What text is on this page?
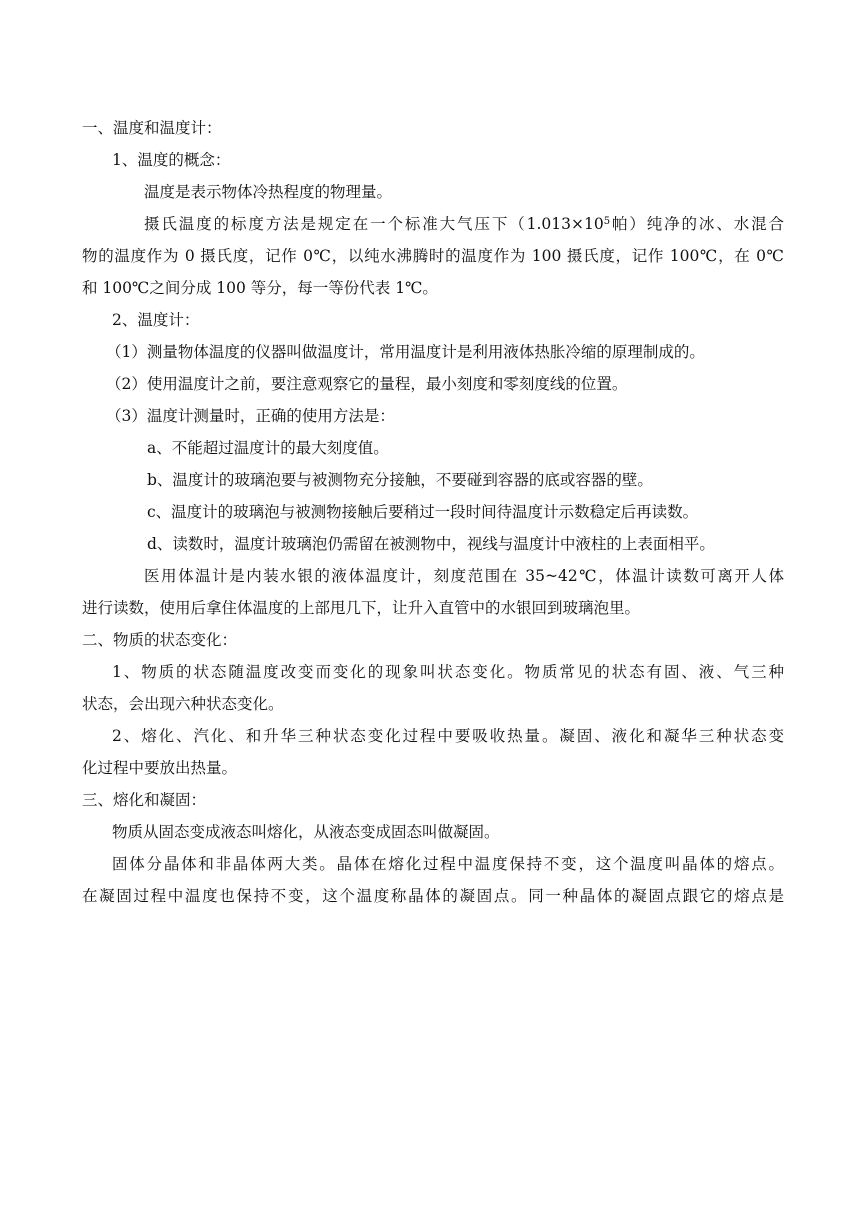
一、温度和温度计：
1、温度的概念：
温度是表示物体冷热程度的物理量。
摄氏温度的标度方法是规定在一个标准大气压下（$1.013\times 10^5$帕）纯净的冰、水混合
物的温度作为 0 摄氏度，记作 0℃，以纯水沸腾时的温度作为 100 摄氏度，记作 100℃，在 0℃
和 100℃之间分成 100 等分，每一等份代表 1℃。
2、温度计：
（1）测量物体温度的仪器叫做温度计，常用温度计是利用液体热胀冷缩的原理制成的。
（2）使用温度计之前，要注意观察它的量程，最小刻度和零刻度线的位置。
（3）温度计测量时，正确的使用方法是：
a、不能超过温度计的最大刻度值。
b、温度计的玻璃泡要与被测物充分接触，不要碰到容器的底或容器的壁。
c、温度计的玻璃泡与被测物接触后要稍过一段时间待温度计示数稳定后再读数。
d、读数时，温度计玻璃泡仍需留在被测物中，视线与温度计中液柱的上表面相平。
医用体温计是内装水银的液体温度计，刻度范围在 35~42℃，体温计读数可离开人体
进行读数，使用后拿住体温度的上部甩几下，让升入直管中的水银回到玻璃泡里。
二、物质的状态变化：
1、物质的状态随温度改变而变化的现象叫状态变化。物质常见的状态有固、液、气三种
状态，会出现六种状态变化。
2、熔化、汽化、和升华三种状态变化过程中要吸收热量。凝固、液化和凝华三种状态变
化过程中要放出热量。
三、熔化和凝固：
物质从固态变成液态叫熔化，从液态变成固态叫做凝固。
固体分晶体和非晶体两大类。晶体在熔化过程中温度保持不变，这个温度叫晶体的熔点。
在凝固过程中温度也保持不变，这个温度称晶体的凝固点。同一种晶体的凝固点跟它的熔点是
